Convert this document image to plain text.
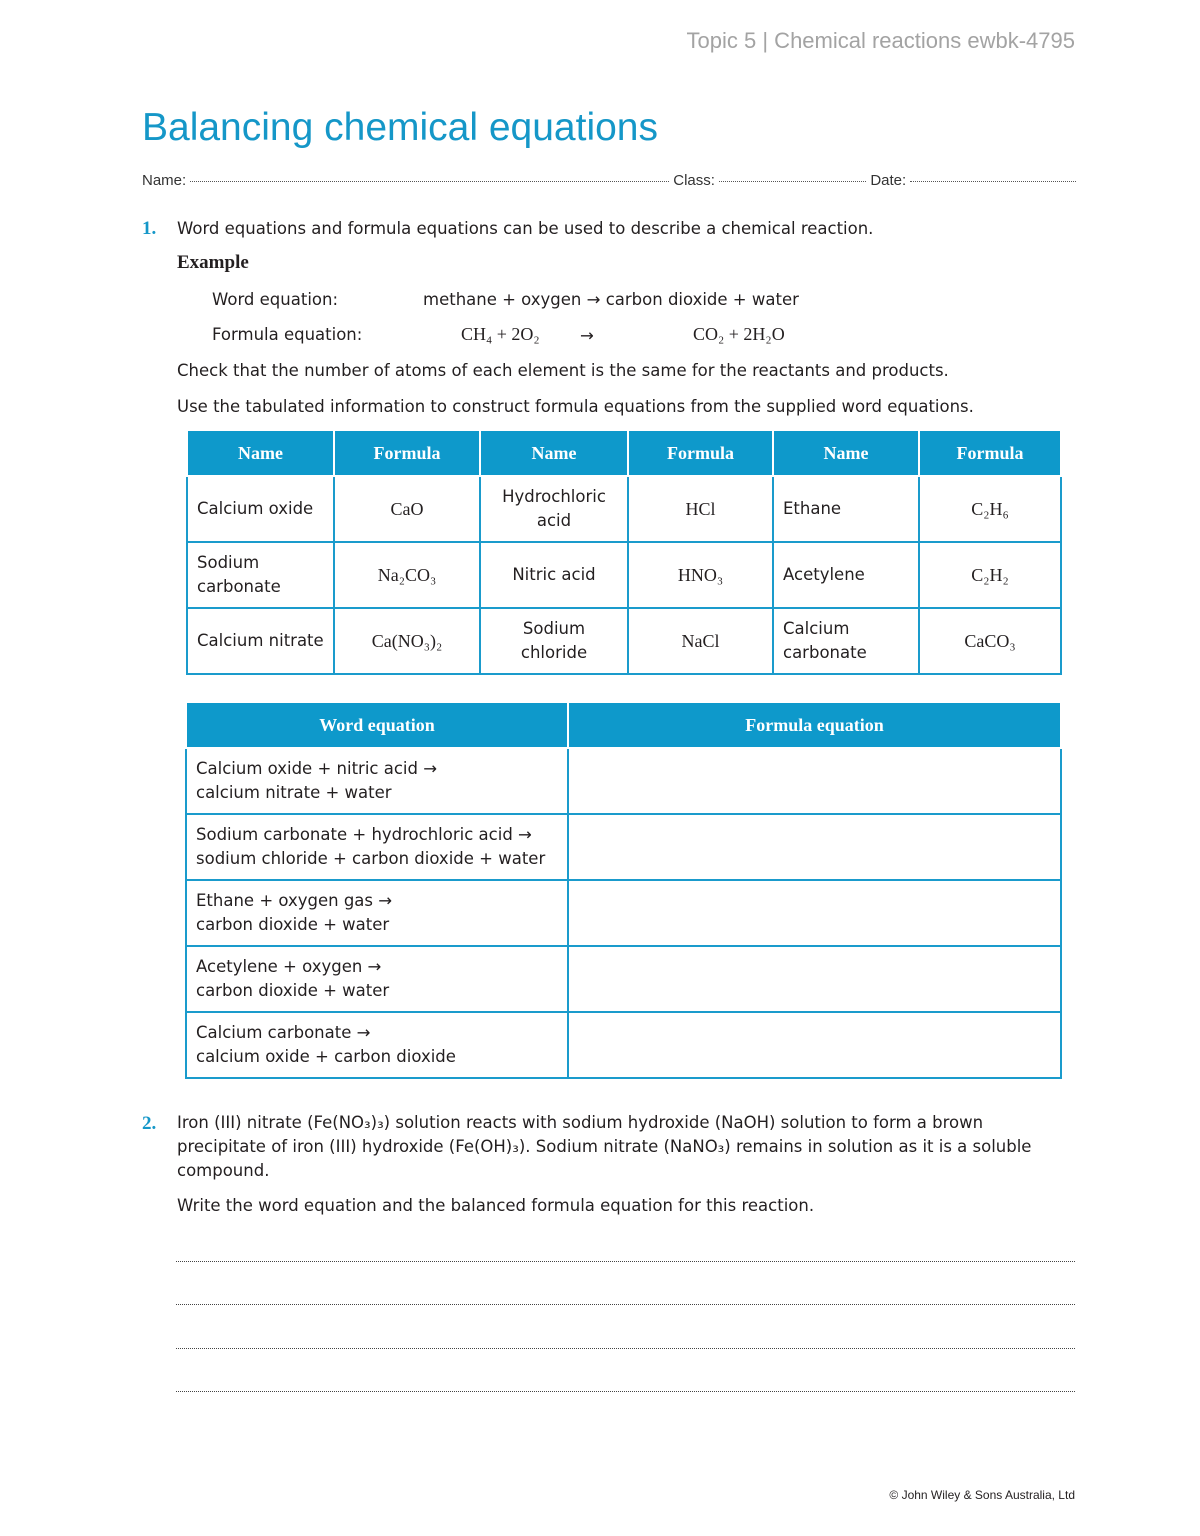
Topic 5 | Chemical reactions ewbk-4795
Balancing chemical equations
Name:	Class:	Date:
1. Word equations and formula equations can be used to describe a chemical reaction.
Example
Word equation:	methane + oxygen → carbon dioxide + water
Formula equation:	CH₄ + 2O₂ →	CO₂ + 2H₂O
Check that the number of atoms of each element is the same for the reactants and products.
Use the tabulated information to construct formula equations from the supplied word equations.
Name	Formula	Name	Formula	Name	Formula
Calcium oxide	CaO	Hydrochloric acid	HCl	Ethane	C₂H₆
Sodium carbonate	Na₂CO₃	Nitric acid	HNO₃	Acetylene	C₂H₂
Calcium nitrate	Ca(NO₃)₂	Sodium chloride	NaCl	Calcium carbonate	CaCO₃
Word equation	Formula equation

Calcium oxide + nitric acid →
calcium nitrate + water	

Sodium carbonate + hydrochloric acid →
sodium chloride + carbon dioxide + water	

Ethane + oxygen gas →
carbon dioxide + water	

Acetylene + oxygen →
carbon dioxide + water	

Calcium carbonate →
calcium oxide + carbon dioxide	

2. Iron (III) nitrate (Fe(NO₃)₃) solution reacts with sodium hydroxide (NaOH) solution to form a brown
precipitate of iron (III) hydroxide (Fe(OH)₃). Sodium nitrate (NaNO₃) remains in solution as it is a soluble
compound.
Write the word equation and the balanced formula equation for this reaction.
© John Wiley & Sons Australia, Ltd
